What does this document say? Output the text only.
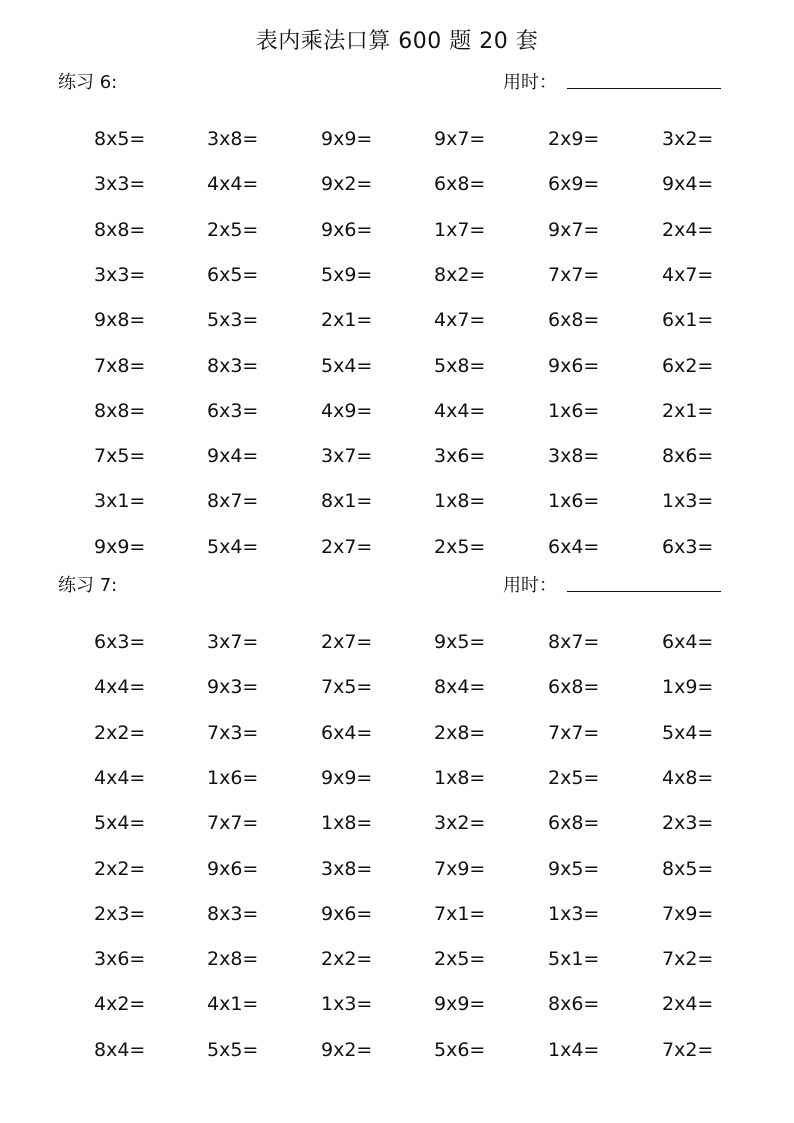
表内乘法口算 600 题 20 套
练习 6:	用时：
8x5=	3x8=	9x9=	9x7=	2x9=	3x2=
3x3=	4x4=	9x2=	6x8=	6x9=	9x4=
8x8=	2x5=	9x6=	1x7=	9x7=	2x4=
3x3=	6x5=	5x9=	8x2=	7x7=	4x7=
9x8=	5x3=	2x1=	4x7=	6x8=	6x1=
7x8=	8x3=	5x4=	5x8=	9x6=	6x2=
8x8=	6x3=	4x9=	4x4=	1x6=	2x1=
7x5=	9x4=	3x7=	3x6=	3x8=	8x6=
3x1=	8x7=	8x1=	1x8=	1x6=	1x3=
9x9=	5x4=	2x7=	2x5=	6x4=	6x3=
练习 7:	用时：
6x3=	3x7=	2x7=	9x5=	8x7=	6x4=
4x4=	9x3=	7x5=	8x4=	6x8=	1x9=
2x2=	7x3=	6x4=	2x8=	7x7=	5x4=
4x4=	1x6=	9x9=	1x8=	2x5=	4x8=
5x4=	7x7=	1x8=	3x2=	6x8=	2x3=
2x2=	9x6=	3x8=	7x9=	9x5=	8x5=
2x3=	8x3=	9x6=	7x1=	1x3=	7x9=
3x6=	2x8=	2x2=	2x5=	5x1=	7x2=
4x2=	4x1=	1x3=	9x9=	8x6=	2x4=
8x4=	5x5=	9x2=	5x6=	1x4=	7x2=
